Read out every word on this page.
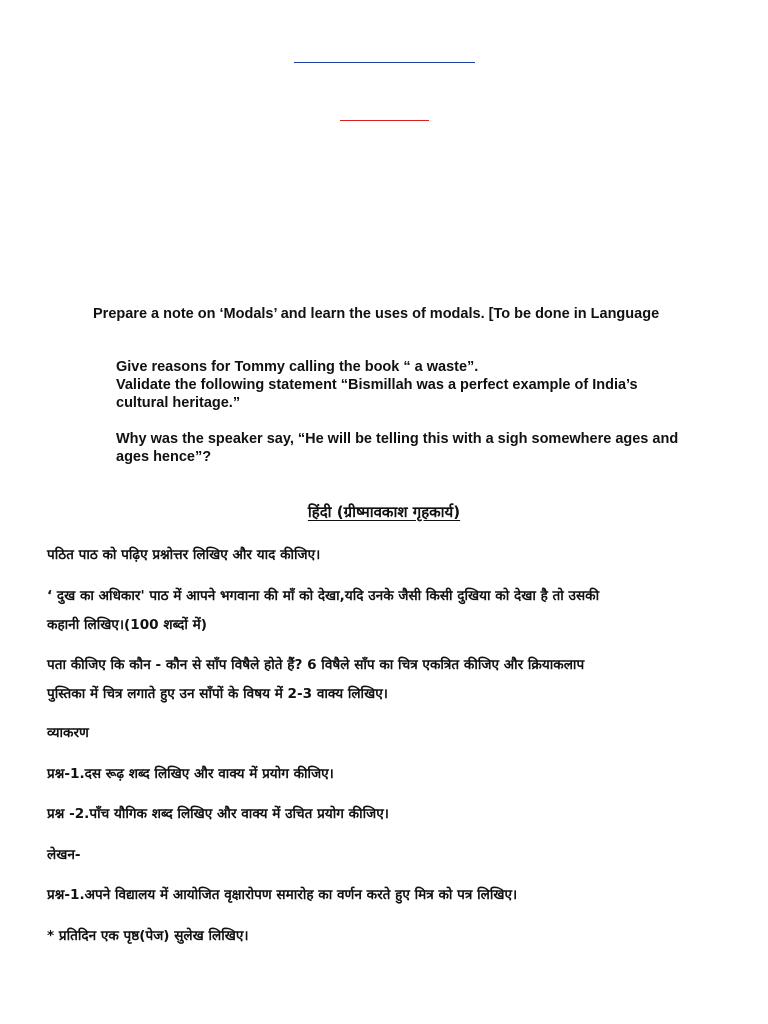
Prepare a note on ‘Modals’ and learn the uses of modals. [To be done in Language
Give reasons for Tommy calling the book “ a waste”.
Validate the following statement “Bismillah was a perfect example of India’s
cultural heritage.”
Why was the speaker say, “He will be telling this with a sigh somewhere ages and
ages hence”?
हिंदी (ग्रीष्मावकाश गृहकार्य)
पठित पाठ को पढ़िए प्रश्नोत्तर लिखिए और याद कीजिए।
‘ दुख का अधिकार' पाठ में आपने भगवाना की माँ को देखा,यदि उनके जैसी किसी दुखिया को देखा है तो उसकी
कहानी लिखिए।(100 शब्दों में)
पता कीजिए कि कौन - कौन से साँप विषैले होते हैं? 6 विषैले साँप का चित्र एकत्रित कीजिए और क्रियाकलाप
पुस्तिका में चित्र लगाते हुए उन साँपों के विषय में 2-3 वाक्य लिखिए।
व्याकरण
प्रश्न-1.दस रूढ़ शब्द लिखिए और वाक्य में प्रयोग कीजिए।
प्रश्न -2.पाँच यौगिक शब्द लिखिए और वाक्य में उचित प्रयोग कीजिए।
लेखन-
प्रश्न-1.अपने विद्यालय में आयोजित वृक्षारोपण समारोह का वर्णन करते हुए मित्र को पत्र लिखिए।
* प्रतिदिन एक पृष्ठ(पेज) सुलेख लिखिए।
